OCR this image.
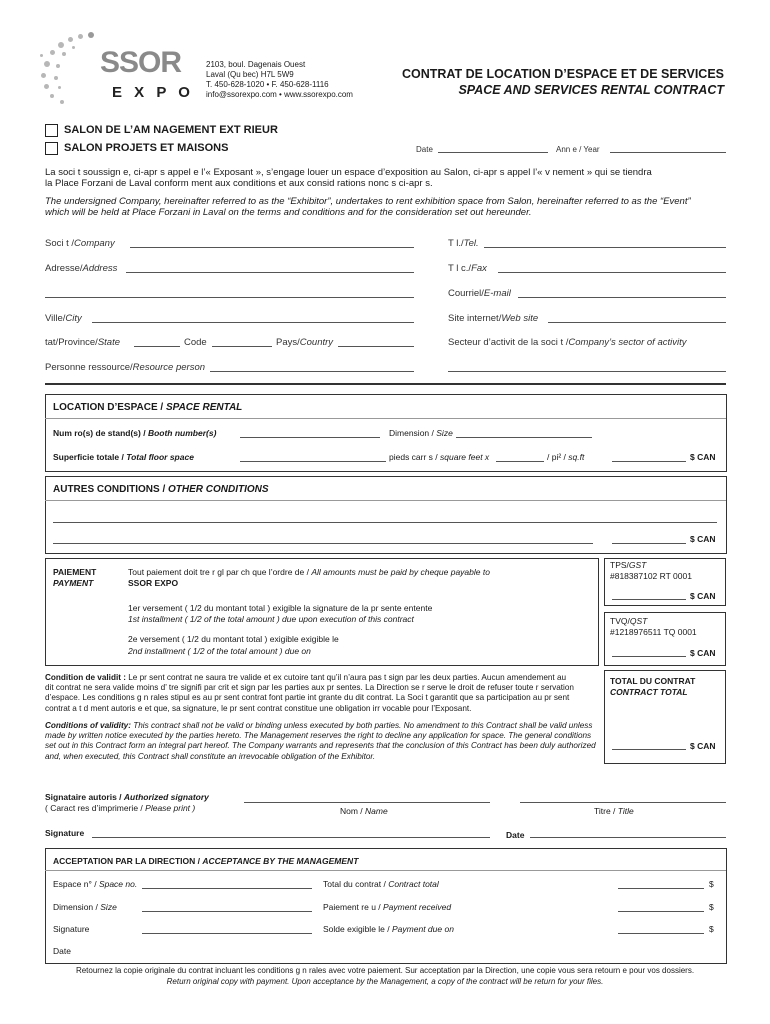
SSOR
E X P O
2103, boul. Dagenais Ouest
Laval (Qu bec) H7L 5W9
T. 450-628-1020 • F. 450-628-1116
info@ssorexpo.com • www.ssorexpo.com
CONTRAT DE LOCATION D’ESPACE ET DE SERVICES
SPACE AND SERVICES RENTAL CONTRACT
SALON DE L’AM NAGEMENT EXT RIEUR
SALON PROJETS ET MAISONS	Date	Ann e / Year
La soci t soussign e, ci-apr s appel e l’« Exposant », s’engage louer un espace d’exposition au Salon, ci-apr s appel l’« v nement » qui se tiendra
la Place Forzani de Laval conform ment aux conditions et aux consid rations nonc s ci-apr s.
The undersigned Company, hereinafter referred to as the “Exhibitor”, undertakes to rent exhibition space from Salon, hereinafter referred to as the “Event”
which will be held at Place Forzani in Laval on the terms and conditions and for the consideration set out hereunder.
Soci t /Company	T l./Tel.
Adresse/Address	T l c./Fax
Courriel/E-mail
Ville/City	Site internet/Web site
tat/Province/State	Code	Pays/Country	Secteur d’activit de la soci t /Company’s sector of activity
Personne ressource/Resource person
LOCATION D’ESPACE / SPACE RENTAL
Num ro(s) de stand(s) / Booth number(s)	Dimension / Size
Superficie totale / Total floor space	pieds carr s / square feet x	/ pi² / sq.ft	$ CAN
AUTRES CONDITIONS / OTHER CONDITIONS
$ CAN
PAIEMENT
PAYMENT
Tout paiement doit tre r gl par ch que l’ordre de / All amounts must be paid by cheque payable to
SSOR EXPO
1er versement ( 1/2 du montant total ) exigible la signature de la pr sente entente
1st installment ( 1/2 of the total amount ) due upon execution of this contract
2e versement ( 1/2 du montant total ) exigible exigible le
2nd installment ( 1/2 of the total amount ) due on
TPS/GST
#818387102 RT 0001
$ CAN
TVQ/QST
#1218976511 TQ 0001
$ CAN
TOTAL DU CONTRAT
CONTRACT TOTAL
$ CAN
Condition de validit : Le pr sent contrat ne saura tre valide et ex cutoire tant qu’il n’aura pas t sign par les deux parties. Aucun amendement au
dit contrat ne sera valide moins d’ tre signifi par crit et sign par les parties aux pr sentes. La Direction se r serve le droit de refuser toute r servation
d’espace. Les conditions g n rales stipul es au pr sent contrat font partie int grante du dit contrat. La Soci t garantit que sa participation au pr sent
contrat a t d ment autoris e et que, sa signature, le pr sent contrat constitue une obligation irr vocable pour l’Exposant.
Conditions of validity: This contract shall not be valid or binding unless executed by both parties. No amendment to this Contract shall be valid unless
made by written notice executed by the parties hereto. The Management reserves the right to decline any application for space. The general conditions
set out in this Contract form an integral part hereof. The Company warrants and represents that the conclusion of this Contract has been duly authorized
and, when executed, this Contract shall constitute an irrevocable obligation of the Exhibitor.
Signataire autoris / Authorized signatory
( Caract res d’imprimerie / Please print )	Nom / Name	Titre / Title
Signature	Date
ACCEPTATION PAR LA DIRECTION / ACCEPTANCE BY THE MANAGEMENT
Espace n° / Space no.	Total du contrat / Contract total	$
Dimension / Size	Paiement re u / Payment received	$
Signature	Solde exigible le / Payment due on	$
Date
Retournez la copie originale du contrat incluant les conditions g n rales avec votre paiement. Sur acceptation par la Direction, une copie vous sera retourn e pour vos dossiers.
Return original copy with payment. Upon acceptance by the Management, a copy of the contract will be return for your files.
